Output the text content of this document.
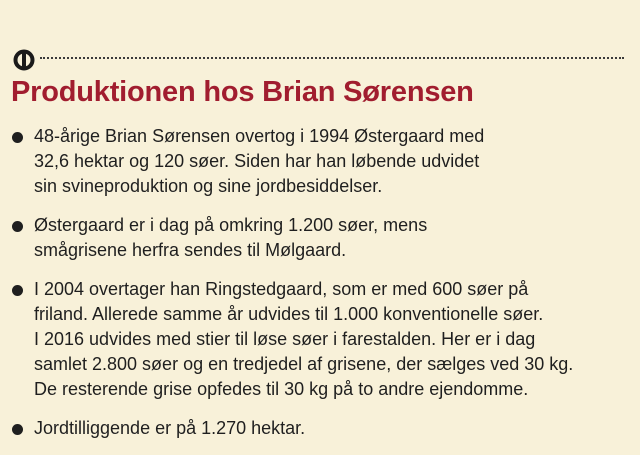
Produktionen hos Brian Sørensen
48-årige Brian Sørensen overtog i 1994 Østergaard med
32,6 hektar og 120 søer. Siden har han løbende udvidet
sin svineproduktion og sine jordbesiddelser.
Østergaard er i dag på omkring 1.200 søer, mens
smågrisene herfra sendes til Mølgaard.
I 2004 overtager han Ringstedgaard, som er med 600 søer på
friland. Allerede samme år udvides til 1.000 konventionelle søer.
I 2016 udvides med stier til løse søer i farestalden. Her er i dag
samlet 2.800 søer og en tredjedel af grisene, der sælges ved 30 kg.
De resterende grise opfedes til 30 kg på to andre ejendomme.
Jordtilliggende er på 1.270 hektar.
